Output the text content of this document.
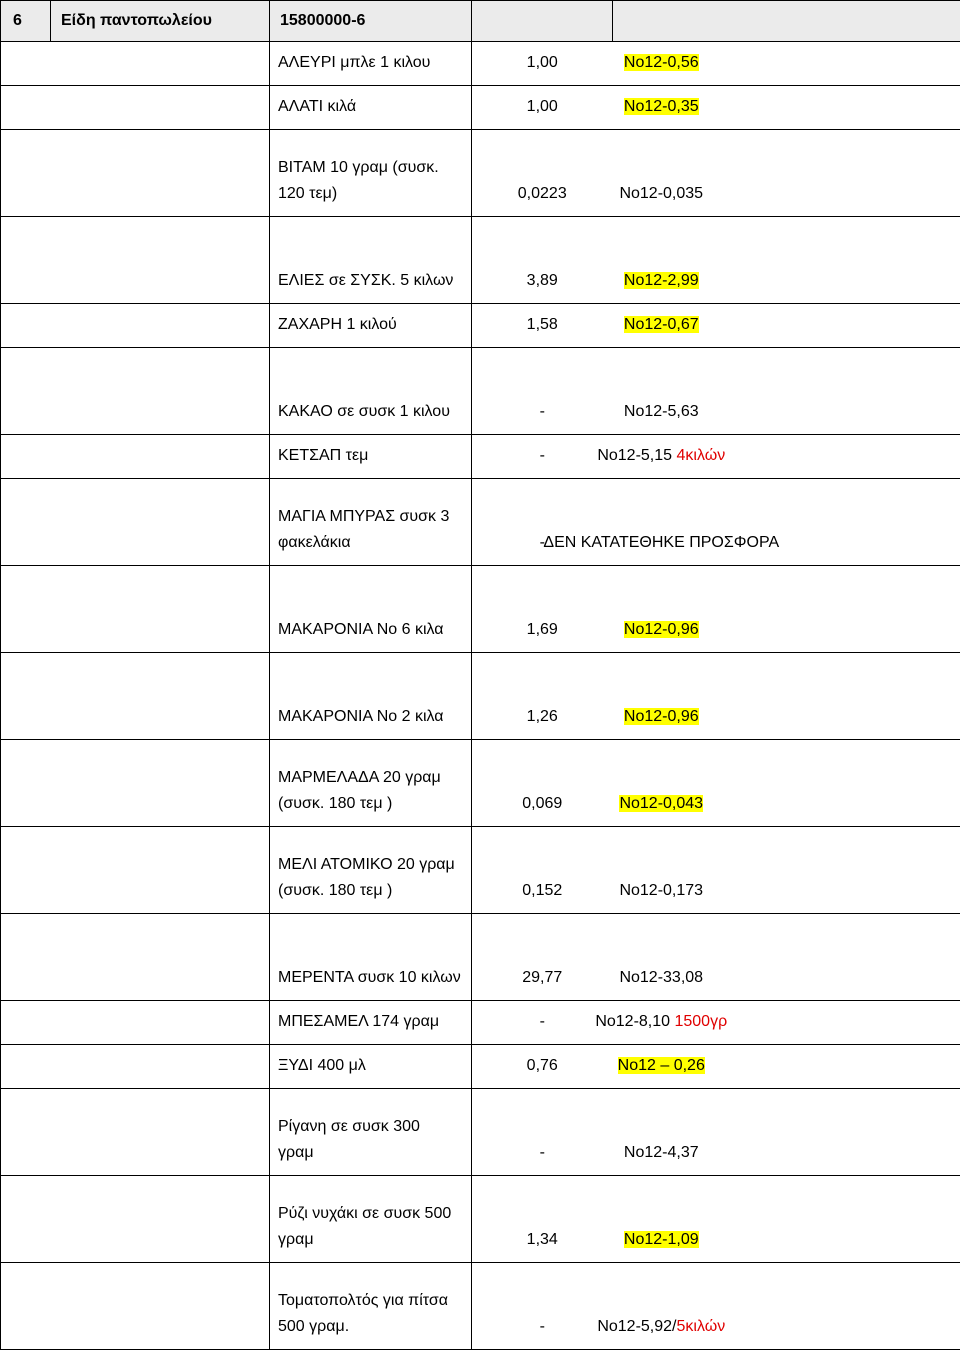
6	Είδη παντοπωλείου	15800000-6		

		ΑΛΕΥΡΙ μπλε 1 κιλου	1,00	Νο12-0,56

		ΑΛΑΤΙ κιλά	1,00	Νο12-0,35

		ΒΙΤΑΜ 10 γραμ (συσκ.
120 τεμ)	0,0223	Νο12-0,035

		ΕΛΙΕΣ σε ΣΥΣΚ. 5 κιλων	3,89	Νο12-2,99

		ΖΑΧΑΡΗ 1 κιλού	1,58	Νο12-0,67

		ΚΑΚΑΟ σε συσκ 1 κιλου	-	Νο12-5,63

		ΚΕΤΣΑΠ τεμ	-	Νο12-5,15 4κιλών

		ΜΑΓΙΑ ΜΠΥΡΑΣ συσκ 3
φακελάκια	-	ΔΕΝ ΚΑΤΑΤΕΘΗΚΕ ΠΡΟΣΦΟΡΑ

		ΜΑΚΑΡΟΝΙΑ Νο 6 κιλα	1,69	Νο12-0,96

		ΜΑΚΑΡΟΝΙΑ Νο 2 κιλα	1,26	Νο12-0,96

		ΜΑΡΜΕΛΑΔΑ 20 γραμ
(συσκ. 180 τεμ )	0,069	Νο12-0,043

		ΜΕΛΙ ΑΤΟΜΙΚΟ 20 γραμ
(συσκ. 180 τεμ )	0,152	Νο12-0,173

		ΜΕΡΕΝΤΑ συσκ 10 κιλων	29,77	Νο12-33,08

		ΜΠΕΣΑΜΕΛ 174 γραμ	-	Νο12-8,10 1500γρ

		ΞΥΔΙ 400 μλ	0,76	Νο12 – 0,26

		Ρίγανη σε συσκ 300
γραμ	-	Νο12-4,37

		Ρύζι νυχάκι σε συσκ 500
γραμ	1,34	Νο12-1,09

		Τοματοπολτός για πίτσα
500 γραμ.	-	Νο12-5,92/5κιλών
